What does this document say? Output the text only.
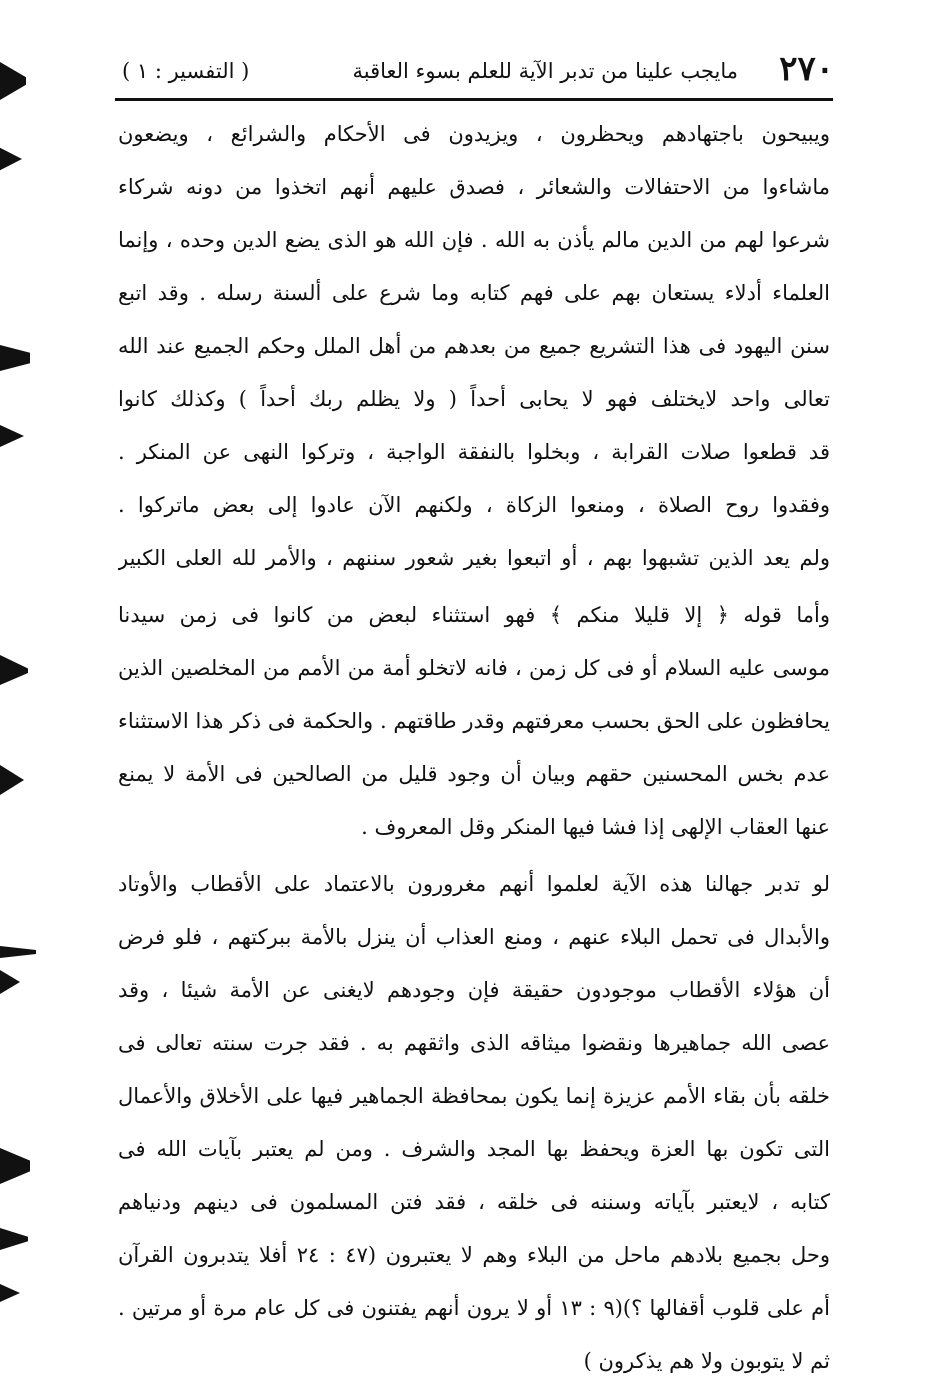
٢٧٠
مايجب علينا من تدبر الآية للعلم بسوء العاقبة
( التفسير : ١ )
ويبيحون باجتهادهم ويحظرون ، ويزيدون فى الأحكام والشرائع ، ويضعون
ماشاءوا من الاحتفالات والشعائر ، فصدق عليهم أنهم اتخذوا من دونه شركاء
شرعوا لهم من الدين مالم يأذن به الله . فإن الله هو الذى يضع الدين وحده ، وإنما
العلماء أدلاء يستعان بهم على فهم كتابه وما شرع على ألسنة رسله . وقد اتبع
سنن اليهود فى هذا التشريع جميع من بعدهم من أهل الملل وحكم الجميع عند الله
تعالى واحد لايختلف فهو لا يحابى أحداً ( ولا يظلم ربك أحداً ) وكذلك كانوا
قد قطعوا صلات القرابة ، وبخلوا بالنفقة الواجبة ، وتركوا النهى عن المنكر .
وفقدوا روح الصلاة ، ومنعوا الزكاة ، ولكنهم الآن عادوا إلى بعض ماتركوا .
ولم يعد الذين تشبهوا بهم ، أو اتبعوا بغير شعور سننهم ، والأمر لله العلى الكبير
وأما قوله ﴿ إلا قليلا منكم ﴾ فهو استثناء لبعض من كانوا فى زمن سيدنا
موسى عليه السلام أو فى كل زمن ، فانه لاتخلو أمة من الأمم من المخلصين الذين
يحافظون على الحق بحسب معرفتهم وقدر طاقتهم . والحكمة فى ذكر هذا الاستثناء
عدم بخس المحسنين حقهم وبيان أن وجود قليل من الصالحين فى الأمة لا يمنع
عنها العقاب الإلهى إذا فشا فيها المنكر وقل المعروف .
لو تدبر جهالنا هذه الآية لعلموا أنهم مغرورون بالاعتماد على الأقطاب والأوتاد
والأبدال فى تحمل البلاء عنهم ، ومنع العذاب أن ينزل بالأمة ببركتهم ، فلو فرض
أن هؤلاء الأقطاب موجودون حقيقة فإن وجودهم لايغنى عن الأمة شيئا ، وقد
عصى الله جماهيرها ونقضوا ميثاقه الذى واثقهم به . فقد جرت سنته تعالى فى
خلقه بأن بقاء الأمم عزيزة إنما يكون بمحافظة الجماهير فيها على الأخلاق والأعمال
التى تكون بها العزة ويحفظ بها المجد والشرف . ومن لم يعتبر بآيات الله فى
كتابه ، لايعتبر بآياته وسننه فى خلقه ، فقد فتن المسلمون فى دينهم ودنياهم
وحل بجميع بلادهم ماحل من البلاء وهم لا يعتبرون (٤٧ : ٢٤ أفلا يتدبرون القرآن
أم على قلوب أقفالها ؟)(٩ : ١٣ أو لا يرون أنهم يفتنون فى كل عام مرة أو مرتين .
ثم لا يتوبون ولا هم يذكرون )
